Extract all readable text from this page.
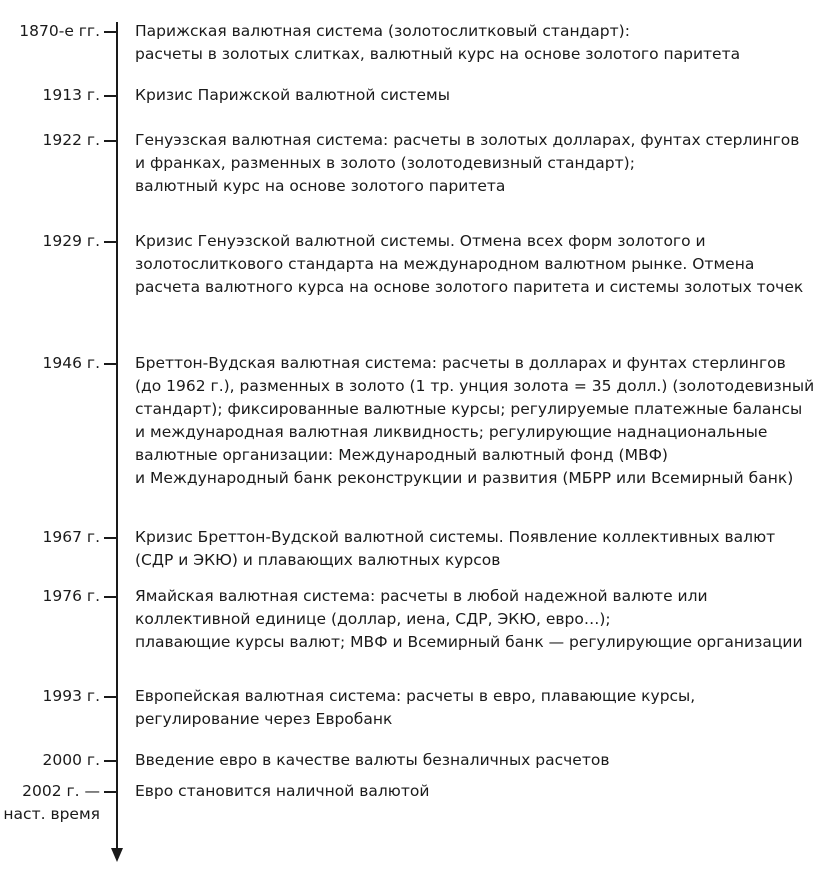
1870-е гг. Парижская валютная система (золотослитковый стандарт):
расчеты в золотых слитках, валютный курс на основе золотого паритета
1913 г. Кризис Парижской валютной системы
1922 г. Генуэзская валютная система: расчеты в золотых долларах, фунтах стерлингов
и франках, разменных в золото (золотодевизный стандарт);
валютный курс на основе золотого паритета
1929 г. Кризис Генуэзской валютной системы. Отмена всех форм золотого и
золотослиткового стандарта на международном валютном рынке. Отмена
расчета валютного курса на основе золотого паритета и системы золотых точек
1946 г. Бреттон-Вудская валютная система: расчеты в долларах и фунтах стерлингов
(до 1962 г.), разменных в золото (1 тр. унция золота = 35 долл.) (золотодевизный
стандарт); фиксированные валютные курсы; регулируемые платежные балансы
и международная валютная ликвидность; регулирующие наднациональные
валютные организации: Международный валютный фонд (МВФ)
и Международный банк реконструкции и развития (МБРР или Всемирный банк)
1967 г. Кризис Бреттон-Вудской валютной системы. Появление коллективных валют
(СДР и ЭКЮ) и плавающих валютных курсов
1976 г. Ямайская валютная система: расчеты в любой надежной валюте или
коллективной единице (доллар, иена, СДР, ЭКЮ, евро…);
плавающие курсы валют; МВФ и Всемирный банк — регулирующие организации
1993 г. Европейская валютная система: расчеты в евро, плавающие курсы,
регулирование через Евробанк
2000 г. Введение евро в качестве валюты безналичных расчетов
2002 г. —
наст. время
Евро становится наличной валютой
